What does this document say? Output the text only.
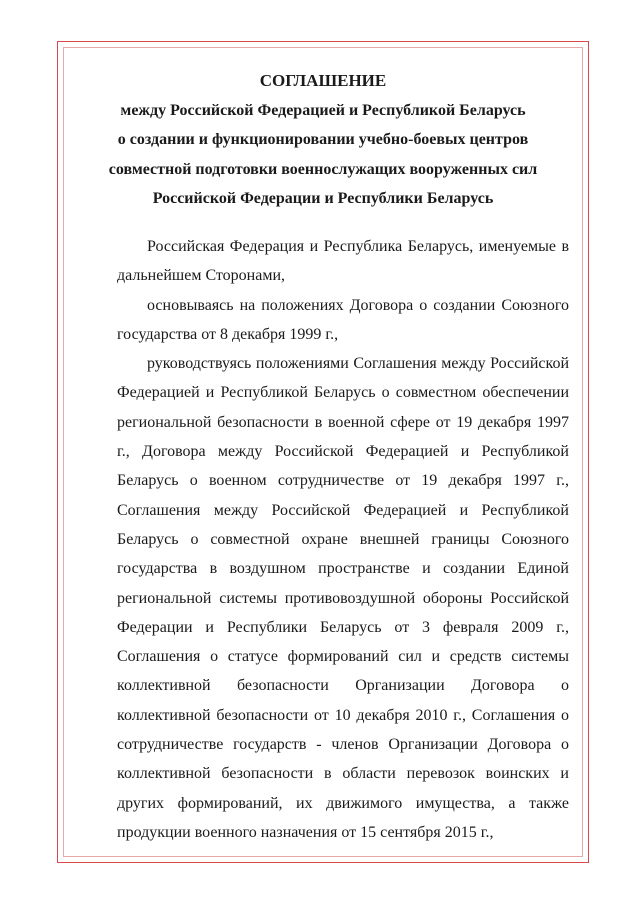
СОГЛАШЕНИЕ
между Российской Федерацией и Республикой Беларусь
о создании и функционировании учебно-боевых центров
совместной подготовки военнослужащих вооруженных сил
Российской Федерации и Республики Беларусь

Российская Федерация и Республика Беларусь, именуемые в дальнейшем Сторонами,

основываясь на положениях Договора о создании Союзного государства от 8 декабря 1999 г.,

руководствуясь положениями Соглашения между Российской Федерацией и Республикой Беларусь о совместном обеспечении региональной безопасности в военной сфере от 19 декабря 1997 г., Договора между Российской Федерацией и Республикой Беларусь о военном сотрудничестве от 19 декабря 1997 г., Соглашения между Российской Федерацией и Республикой Беларусь о совместной охране внешней границы Союзного государства в воздушном пространстве и создании Единой региональной системы противовоздушной обороны Российской Федерации и Республики Беларусь от 3 февраля 2009 г., Соглашения о статусе формирований сил и средств системы коллективной безопасности Организации Договора о коллективной безопасности от 10 декабря 2010 г., Соглашения о сотрудничестве государств - членов Организации Договора о коллективной безопасности в области перевозок воинских и других формирований, их движимого имущества, а также продукции военного назначения от 15 сентября 2015 г.,
